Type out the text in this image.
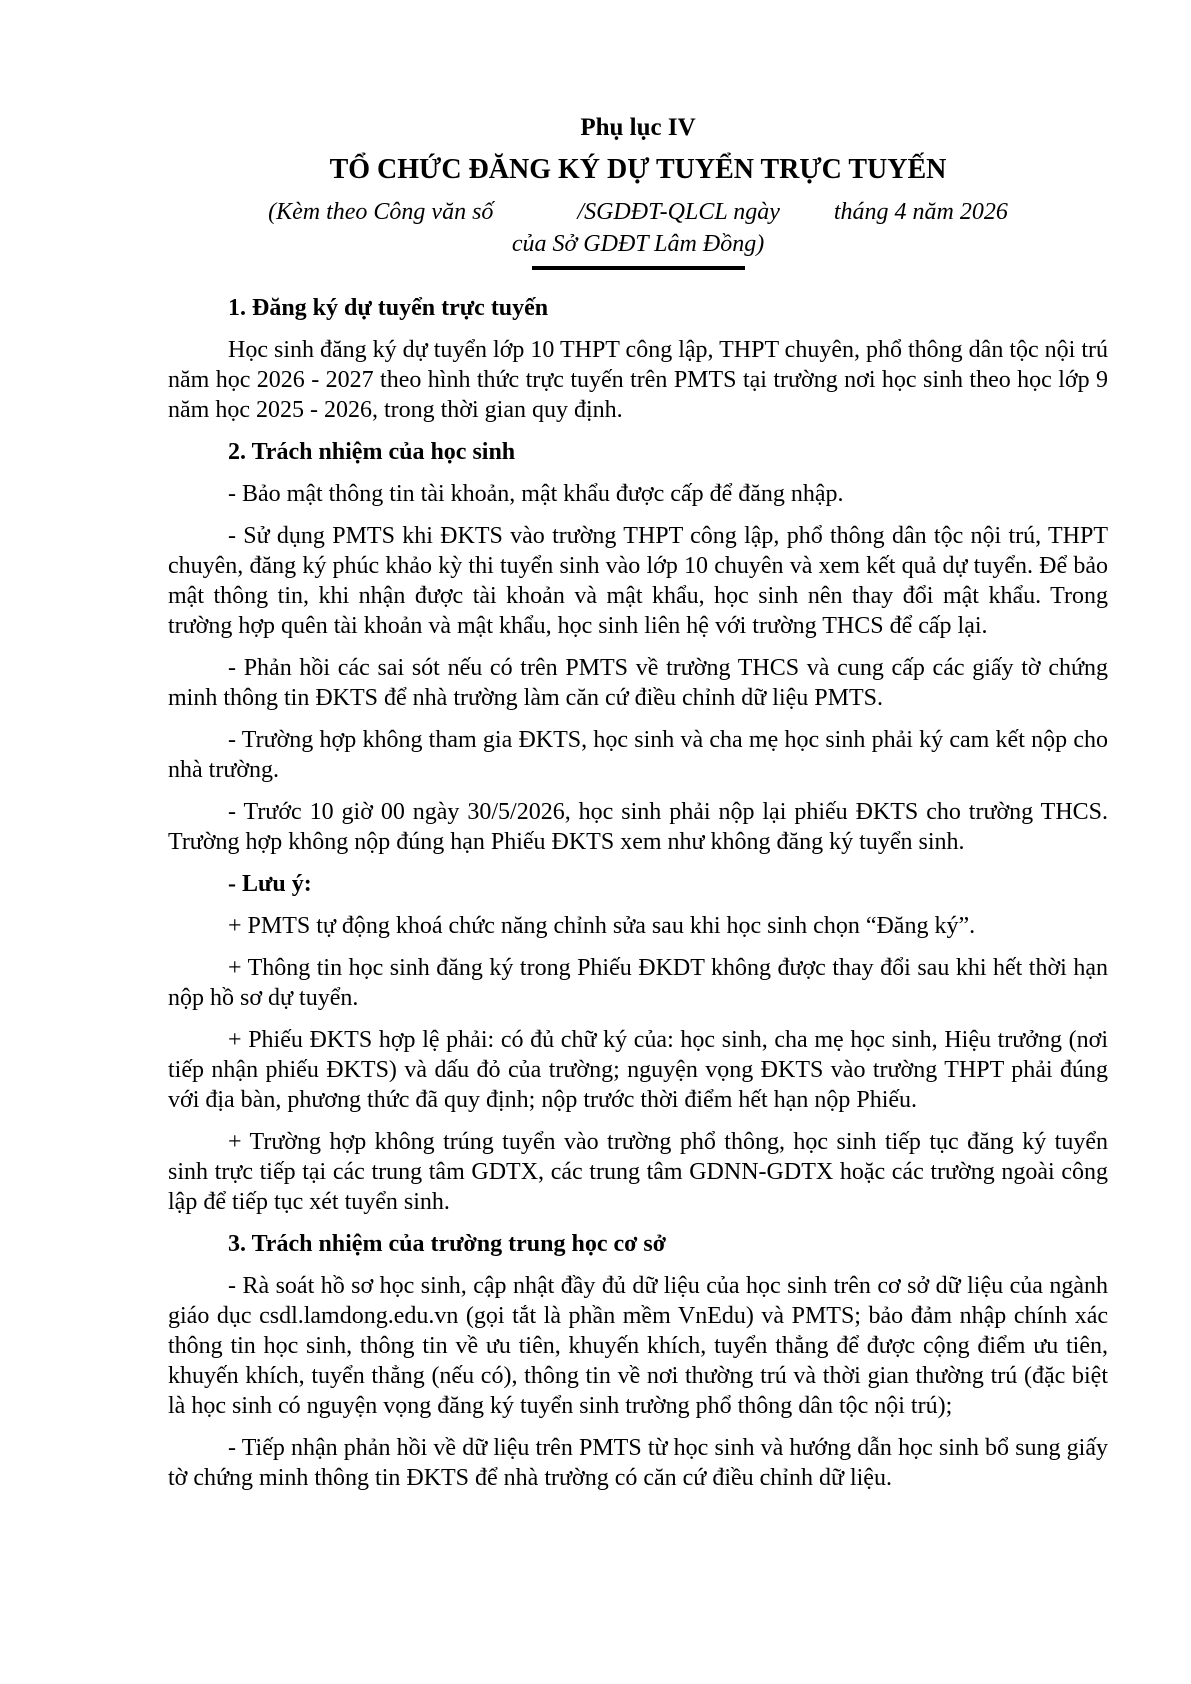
Phụ lục IV
TỔ CHỨC ĐĂNG KÝ DỰ TUYỂN TRỰC TUYẾN
(Kèm theo Công văn số              /SGDĐT-QLCL ngày         tháng 4 năm 2026
của Sở GDĐT Lâm Đồng)
1. Đăng ký dự tuyển trực tuyến
Học sinh đăng ký dự tuyển lớp 10 THPT công lập, THPT chuyên, phổ thông dân tộc nội trú năm học 2026 - 2027 theo hình thức trực tuyến trên PMTS tại trường nơi học sinh theo học lớp 9 năm học 2025 - 2026, trong thời gian quy định.
2. Trách nhiệm của học sinh
- Bảo mật thông tin tài khoản, mật khẩu được cấp để đăng nhập.
- Sử dụng PMTS khi ĐKTS vào trường THPT công lập, phổ thông dân tộc nội trú, THPT chuyên, đăng ký phúc khảo kỳ thi tuyển sinh vào lớp 10 chuyên và xem kết quả dự tuyển. Để bảo mật thông tin, khi nhận được tài khoản và mật khẩu, học sinh nên thay đổi mật khẩu. Trong trường hợp quên tài khoản và mật khẩu, học sinh liên hệ với trường THCS để cấp lại.
- Phản hồi các sai sót nếu có trên PMTS về trường THCS và cung cấp các giấy tờ chứng minh thông tin ĐKTS để nhà trường làm căn cứ điều chỉnh dữ liệu PMTS.
- Trường hợp không tham gia ĐKTS, học sinh và cha mẹ học sinh phải ký cam kết nộp cho nhà trường.
- Trước 10 giờ 00 ngày 30/5/2026, học sinh phải nộp lại phiếu ĐKTS cho trường THCS. Trường hợp không nộp đúng hạn Phiếu ĐKTS xem như không đăng ký tuyển sinh.
- Lưu ý:
+ PMTS tự động khoá chức năng chỉnh sửa sau khi học sinh chọn “Đăng ký”.
+ Thông tin học sinh đăng ký trong Phiếu ĐKDT không được thay đổi sau khi hết thời hạn nộp hồ sơ dự tuyển.
+ Phiếu ĐKTS hợp lệ phải: có đủ chữ ký của: học sinh, cha mẹ học sinh, Hiệu trưởng (nơi tiếp nhận phiếu ĐKTS) và dấu đỏ của trường; nguyện vọng ĐKTS vào trường THPT phải đúng với địa bàn, phương thức đã quy định; nộp trước thời điểm hết hạn nộp Phiếu.
+ Trường hợp không trúng tuyển vào trường phổ thông, học sinh tiếp tục đăng ký tuyển sinh trực tiếp tại các trung tâm GDTX, các trung tâm GDNN-GDTX hoặc các trường ngoài công lập để tiếp tục xét tuyển sinh.
3. Trách nhiệm của trường trung học cơ sở
- Rà soát hồ sơ học sinh, cập nhật đầy đủ dữ liệu của học sinh trên cơ sở dữ liệu của ngành giáo dục csdl.lamdong.edu.vn (gọi tắt là phần mềm VnEdu) và PMTS; bảo đảm nhập chính xác thông tin học sinh, thông tin về ưu tiên, khuyến khích, tuyển thẳng để được cộng điểm ưu tiên, khuyến khích, tuyển thẳng (nếu có), thông tin về nơi thường trú và thời gian thường trú (đặc biệt là học sinh có nguyện vọng đăng ký tuyển sinh trường phổ thông dân tộc nội trú);
- Tiếp nhận phản hồi về dữ liệu trên PMTS từ học sinh và hướng dẫn học sinh bổ sung giấy tờ chứng minh thông tin ĐKTS để nhà trường có căn cứ điều chỉnh dữ liệu.
